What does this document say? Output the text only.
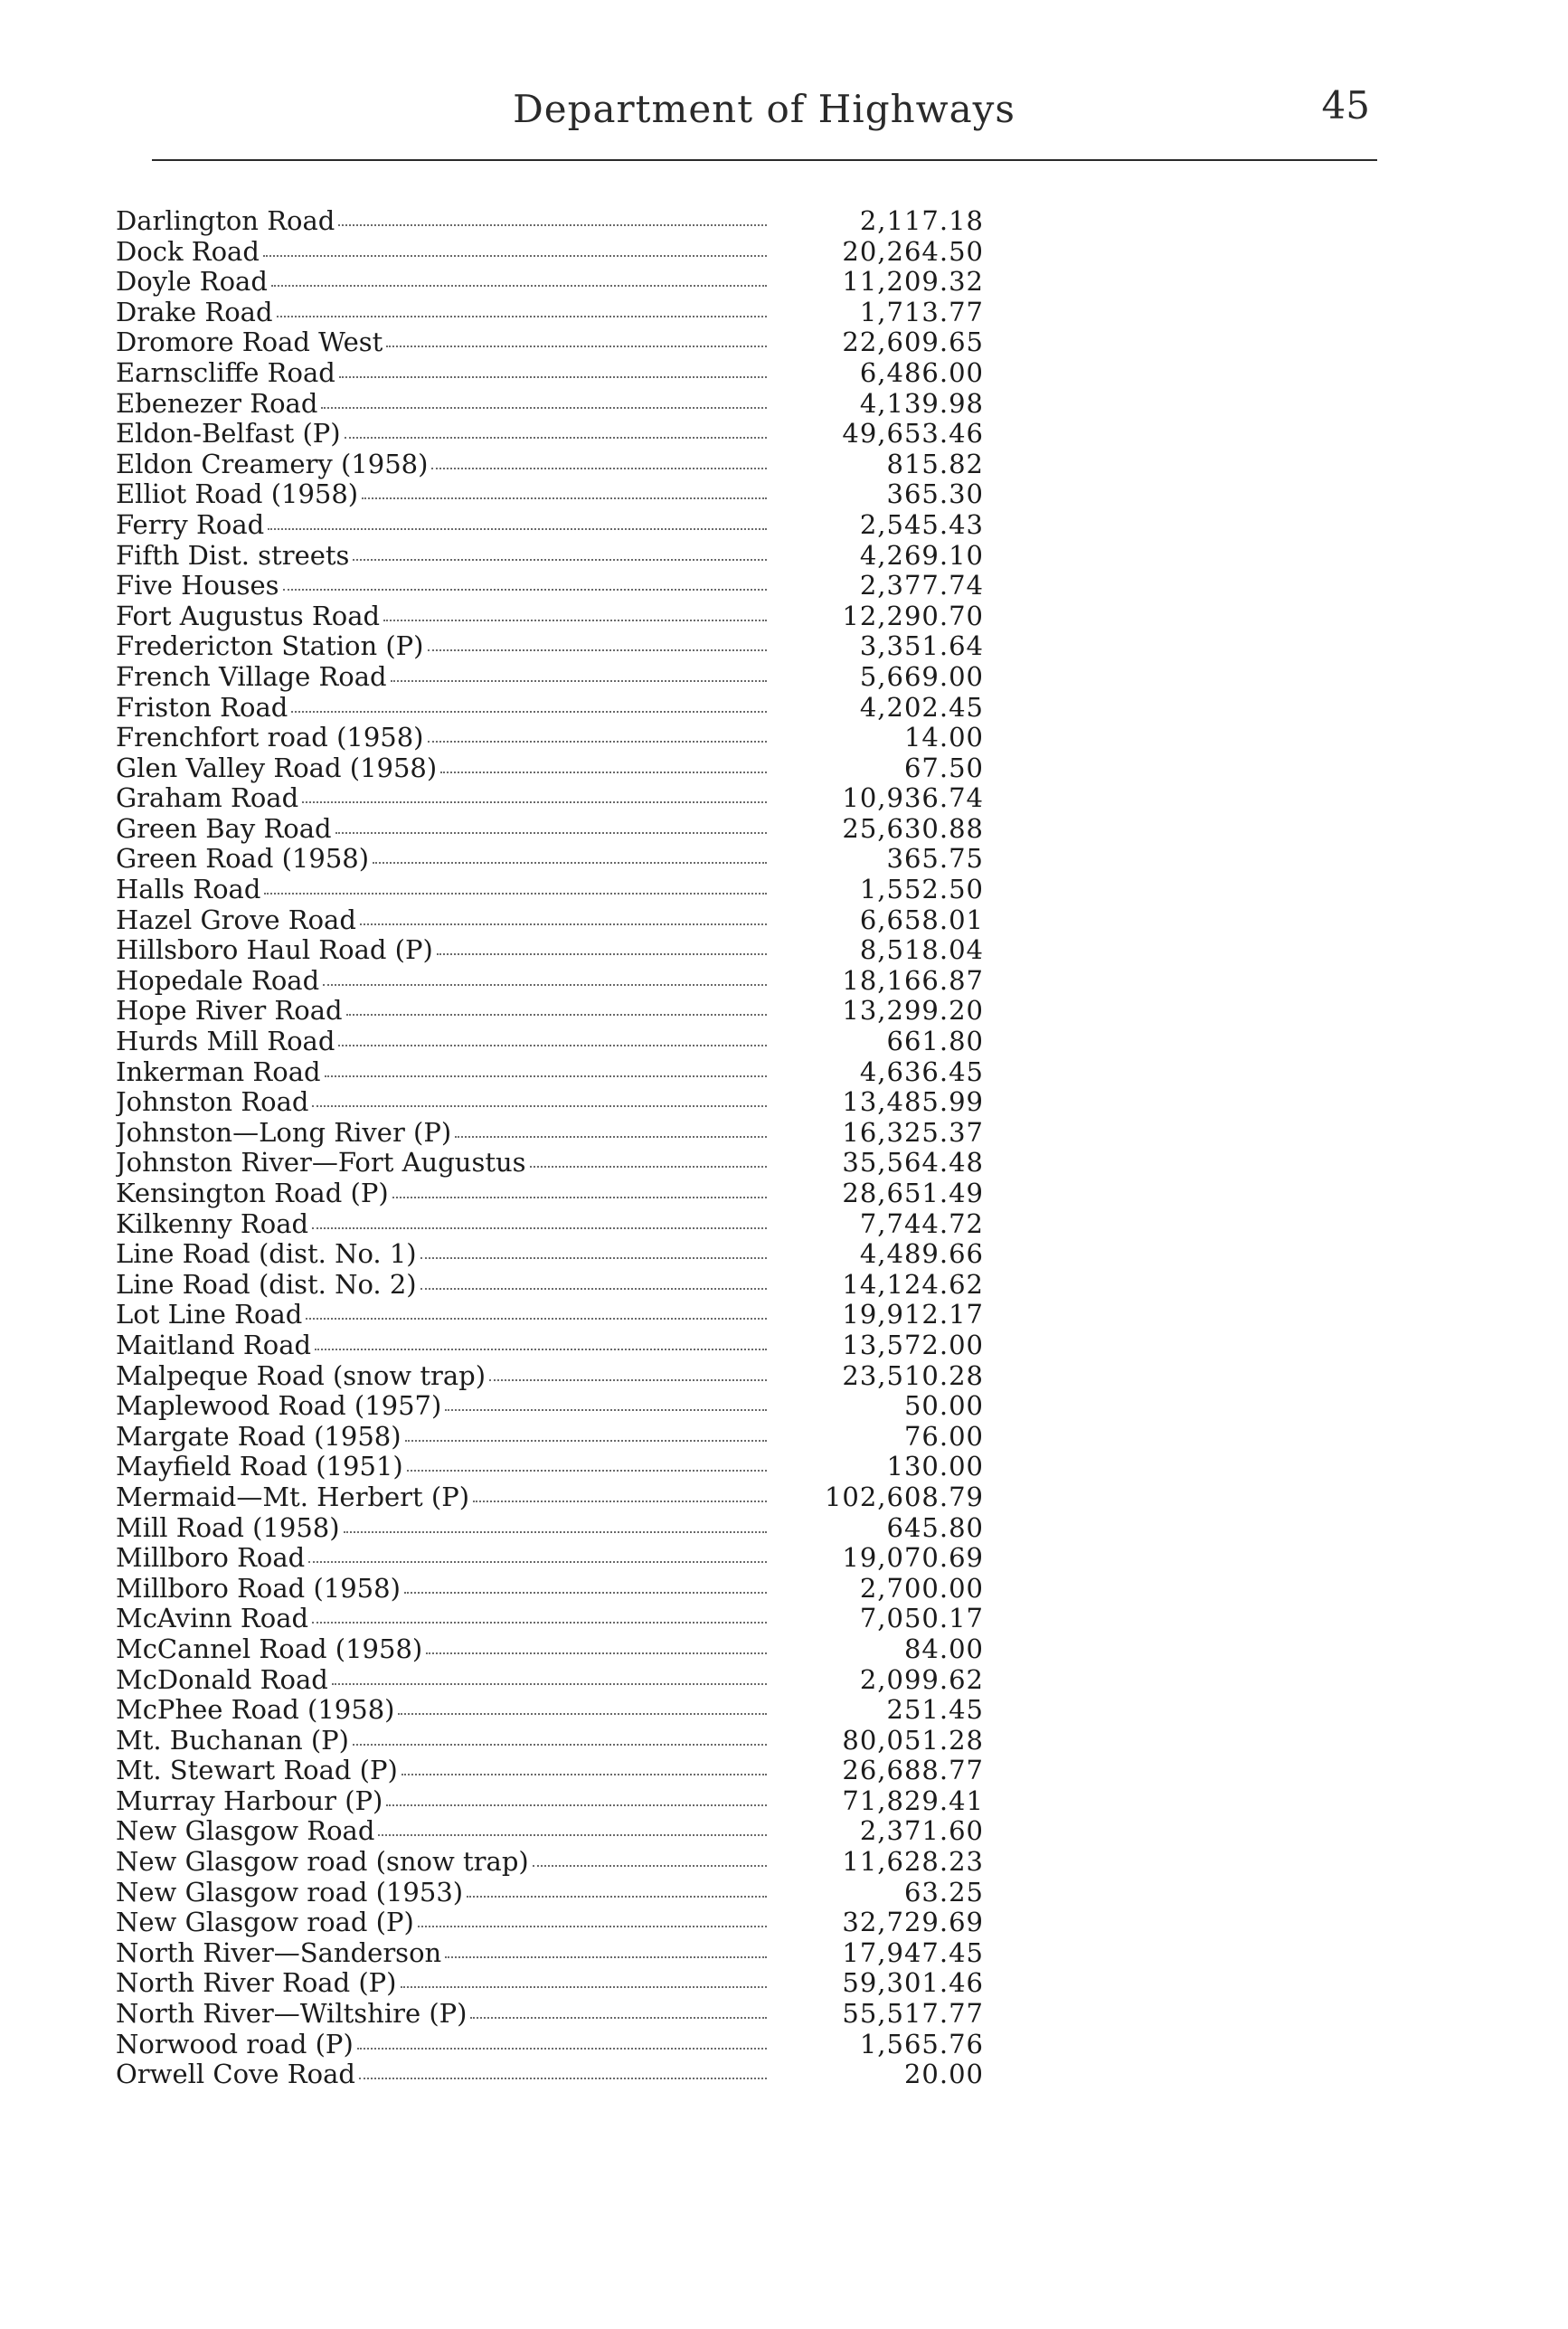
Department of Highways	45
Darlington Road	2,117.18
Dock Road	20,264.50
Doyle Road	11,209.32
Drake Road	1,713.77
Dromore Road West	22,609.65
Earnscliffe Road	6,486.00
Ebenezer Road	4,139.98
Eldon-Belfast (P)	49,653.46
Eldon Creamery (1958)	815.82
Elliot Road (1958)	365.30
Ferry Road	2,545.43
Fifth Dist. streets	4,269.10
Five Houses	2,377.74
Fort Augustus Road	12,290.70
Fredericton Station (P)	3,351.64
French Village Road	5,669.00
Friston Road	4,202.45
Frenchfort road (1958)	14.00
Glen Valley Road (1958)	67.50
Graham Road	10,936.74
Green Bay Road	25,630.88
Green Road (1958)	365.75
Halls Road	1,552.50
Hazel Grove Road	6,658.01
Hillsboro Haul Road (P)	8,518.04
Hopedale Road	18,166.87
Hope River Road	13,299.20
Hurds Mill Road	661.80
Inkerman Road	4,636.45
Johnston Road	13,485.99
Johnston—Long River (P)	16,325.37
Johnston River—Fort Augustus	35,564.48
Kensington Road (P)	28,651.49
Kilkenny Road	7,744.72
Line Road (dist. No. 1)	4,489.66
Line Road (dist. No. 2)	14,124.62
Lot Line Road	19,912.17
Maitland Road	13,572.00
Malpeque Road (snow trap)	23,510.28
Maplewood Road (1957)	50.00
Margate Road (1958)	76.00
Mayfield Road (1951)	130.00
Mermaid—Mt. Herbert (P)	102,608.79
Mill Road (1958)	645.80
Millboro Road	19,070.69
Millboro Road (1958)	2,700.00
McAvinn Road	7,050.17
McCannel Road (1958)	84.00
McDonald Road	2,099.62
McPhee Road (1958)	251.45
Mt. Buchanan (P)	80,051.28
Mt. Stewart Road (P)	26,688.77
Murray Harbour (P)	71,829.41
New Glasgow Road	2,371.60
New Glasgow road (snow trap)	11,628.23
New Glasgow road (1953)	63.25
New Glasgow road (P)	32,729.69
North River—Sanderson	17,947.45
North River Road (P)	59,301.46
North River—Wiltshire (P)	55,517.77
Norwood road (P)	1,565.76
Orwell Cove Road	20.00
